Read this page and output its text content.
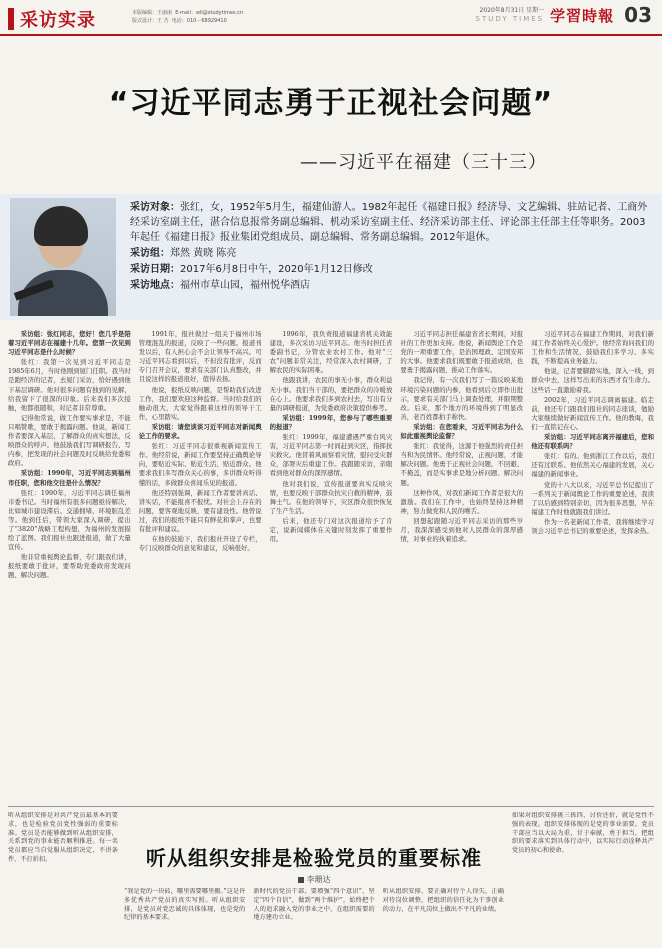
采访实录	本版编辑：王丽丽 E-mail：wll@studytimes.cn
版式设计：王 苦 电话：010－68929410
2020年8月31日 星期一
STUDY TIMES 学習時報 03
“习近平同志勇于正视社会问题”
——习近平在福建（三十三）

采访对象：张红，女，1952年5月生，福建仙游人。1982年起任《福建日报》经济导、文艺编辑、驻站记者、工商外经采访室副主任，湛合信息报常务副总编辑、机动采访室副主任、经济采访部主任、评论部主任部主任等职务。2003年起任《福建日报》报业集团党组成员、副总编辑、常务副总编辑。2012年退休。

采访组：郑然 黄晓 陈亮

采访日期：2017年6月8日中午，2020年1月12日修改

采访地点：福州市草山园，福州悦华酒店

采访组：张红同志，您好！您几乎是陪着习近平同志在福建十几年。您第一次见到习近平同志是什么时候？

张红：我第一次见到习近平同志是1985年6月，当时他刚到厦门任职。我当时是跑经济的记者，去厦门采访，恰好遇到他下基层调研。他对很多问题有独到的见解，给我留下了很深的印象。后来我们多次接触，他都很随和，对记者非常尊重。

记得他常说，做工作要实事求是，不能只唱赞歌，要敢于揭露问题。他说，新闻工作者要深入基层，了解群众的真实想法，反映群众的呼声。他鼓励我们写调研报告、写内参，把发现的社会问题及时反映给党委和政府。

采访组：1990年，习近平同志到福州市任职，您和他交往是什么情况？

张红：1990年，习近平同志调任福州市委书记。当时福州有很多问题亟待解决，比如城市建设滞后、交通拥堵、环境脏乱差等。他到任后，带领大家深入调研，提出了“3820”战略工程构想，为福州的发展描绘了蓝图。我们报社也跟进报道，做了大量宣传。

他非常重视舆论监督，专门跟我们讲，报纸要敢于批评，要帮助党委政府发现问题、解决问题。

1991年，报社做过一组关于福州市场管理混乱的报道，反映了一些问题。报道刊发以后，有人担心会不会让领导不高兴。可习近平同志看到以后，不但没有批评，反而专门召开会议，要求有关部门认真整改，并且说这样的报道很好，值得表扬。

他说，报纸反映问题，是帮助我们改进工作，我们要欢迎这种监督。当时给我们的触动很大，大家觉得跟着这样的领导干工作，心里踏实。

采访组：请您谈谈习近平同志对新闻舆论工作的要求。

张红：习近平同志很重视新闻宣传工作。他经常说，新闻工作要坚持正确舆论导向，要贴近实际、贴近生活、贴近群众。他要求我们多写群众关心的事，多讲群众听得懂的话，多做群众喜闻乐见的报道。

他还特别强调，新闻工作者要讲真话、讲实话，不能报喜不报忧。对社会上存在的问题，要客观地反映，要有建设性。他曾说过，我们的报纸不能只有鲜花和掌声，也要有批评和建议。

在他的鼓励下，我们报社开设了专栏，专门反映群众的意见和建议，反响很好。

1996年，我负责报道福建省机关效能建设，多次采访习近平同志。他当时担任省委副书记，分管农业农村工作。他对“三农”问题非常关注，经常深入农村调研，了解农民的实际困难。

他跟我讲，农民的事无小事，群众利益无小事。我们当干部的，要把群众的冷暖放在心上。他要求我们多到农村去，写出有分量的调研报道，为党委政府决策提供参考。

采访组：1999年，您参与了哪些重要的报道？

张红：1999年，福建遭遇严重台风灾害，习近平同志第一时间赶到灾区，指挥抗灾救灾。他冒着风雨察看灾情，慰问受灾群众，部署灾后重建工作。我跟随采访，亲眼看到他对群众的深厚感情。

他对我们说，宣传报道要真实反映灾情，也要反映干部群众抗灾自救的精神，鼓舞士气。在他的领导下，灾区群众很快恢复了生产生活。

后来，他还专门对这次报道给予了肯定，说新闻媒体在关键时刻发挥了重要作用。

习近平同志担任福建省省长期间，对报社的工作更加支持。他说，新闻舆论工作是党的一项重要工作，是治国理政、定国安邦的大事。他要求我们既要敢于报道成绩，也要勇于揭露问题，推动工作落实。

我记得，有一次我们写了一篇反映某地环境污染问题的内参，他看到后立即作出批示，要求有关部门马上调查处理，并限期整改。后来，那个地方的环境得到了明显改善，老百姓都拍手称快。

采访组：在您看来，习近平同志为什么如此重视舆论监督？

张红：我觉得，这源于他强烈的责任担当和为民情怀。他经常说，正视问题，才能解决问题。他勇于正视社会问题，不回避、不掩盖，而是实事求是地分析问题、解决问题。

这种作风，对我们新闻工作者是很大的激励。我们在工作中，也始终坚持这种精神，努力做党和人民的喉舌。

回想起跟随习近平同志采访的那些岁月，我深深感受到他对人民群众的深厚感情，对事业的执着追求。

习近平同志在福建工作期间，对我们新闻工作者始终关心爱护。他经常询问我们的工作和生活情况，鼓励我们多学习、多实践，不断提高业务能力。

他说，记者要脚踏实地，深入一线，到群众中去，这样写出来的东西才有生命力。这些话一直激励着我。

2002年，习近平同志调离福建。临走前，他还专门跟我们报社的同志座谈，勉励大家继续做好新闻宣传工作。他的教诲，我们一直铭记在心。

采访组：习近平同志离开福建后，您和他还有联系吗？

张红：有的。他到浙江工作以后，我们还有过联系。他依然关心福建的发展，关心福建的新闻事业。

党的十八大以来，习近平总书记提出了一系列关于新闻舆论工作的重要论述，我读了以后感到特别亲切，因为很多思想，早在福建工作时他就跟我们讲过。

作为一名老新闻工作者，我将继续学习领会习近平总书记的重要论述，发挥余热。

听从组织安排是对共产党员最基本的要求，也是检验党员党性强弱的重要标准。党员是否能够做到听从组织安排，关系到党的事业能否顺利推进。每一名党员都应当自觉服从组织决定，不讲条件、不打折扣。	听从组织安排是检验党员的重要标准
李珊达
“我是党的一块砖，哪里需要哪里搬。”这是许多优秀共产党员的真实写照。听从组织安排，是党员对党忠诚的具体体现，也是党的纪律的基本要求。
新时代的党员干部，要增强“四个意识”，坚定“四个自信”，做到“两个维护”，始终把个人的追求融入党的事业之中，在组织需要的地方建功立业。
听从组织安排，要正确对待个人得失，正确对待岗位调整，把组织的信任化为干事创业的动力，在平凡岗位上做出不平凡的业绩。
如果对组织安排挑三拣四、讨价还价，就是党性不强的表现。组织安排体现的是党的事业需要，党员干部应当以大局为重，甘于奉献，勇于担当，把组织的要求落实到具体行动中，以实际行动诠释共产党员的初心和使命。
